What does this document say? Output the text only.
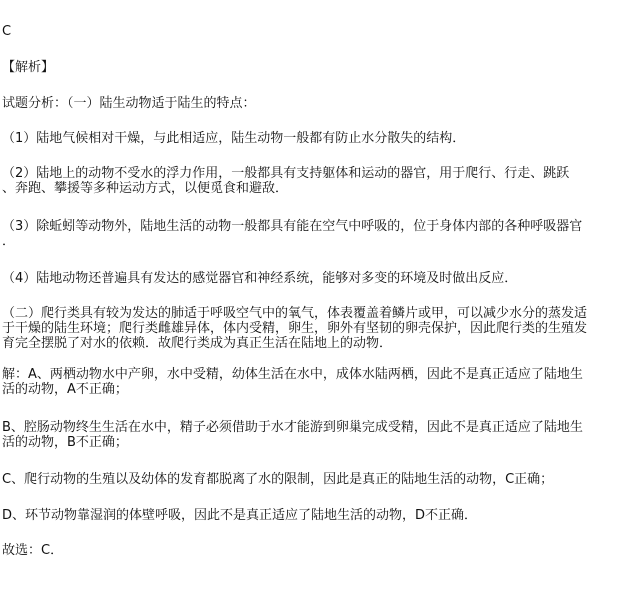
C
【解析】
试题分析：（一）陆生动物适于陆生的特点：
（1）陆地气候相对干燥，与此相适应，陆生动物一般都有防止水分散失的结构．
（2）陆地上的动物不受水的浮力作用，一般都具有支持躯体和运动的器官，用于爬行、行走、跳跃
、奔跑、攀援等多种运动方式，以便觅食和避敌．
（3）除蚯蚓等动物外，陆地生活的动物一般都具有能在空气中呼吸的，位于身体内部的各种呼吸器官
．
（4）陆地动物还普遍具有发达的感觉器官和神经系统，能够对多变的环境及时做出反应．
（二）爬行类具有较为发达的肺适于呼吸空气中的氧气，体表覆盖着鳞片或甲，可以减少水分的蒸发适
于干燥的陆生环境；爬行类雌雄异体，体内受精，卵生，卵外有坚韧的卵壳保护，因此爬行类的生殖发
育完全摆脱了对水的依赖．故爬行类成为真正生活在陆地上的动物．
解：A、两栖动物水中产卵，水中受精，幼体生活在水中，成体水陆两栖，因此不是真正适应了陆地生
活的动物，A不正确；
B、腔肠动物终生生活在水中，精子必须借助于水才能游到卵巢完成受精，因此不是真正适应了陆地生
活的动物，B不正确；
C、爬行动物的生殖以及幼体的发育都脱离了水的限制，因此是真正的陆地生活的动物，C正确；
D、环节动物靠湿润的体壁呼吸，因此不是真正适应了陆地生活的动物，D不正确．
故选：C．
